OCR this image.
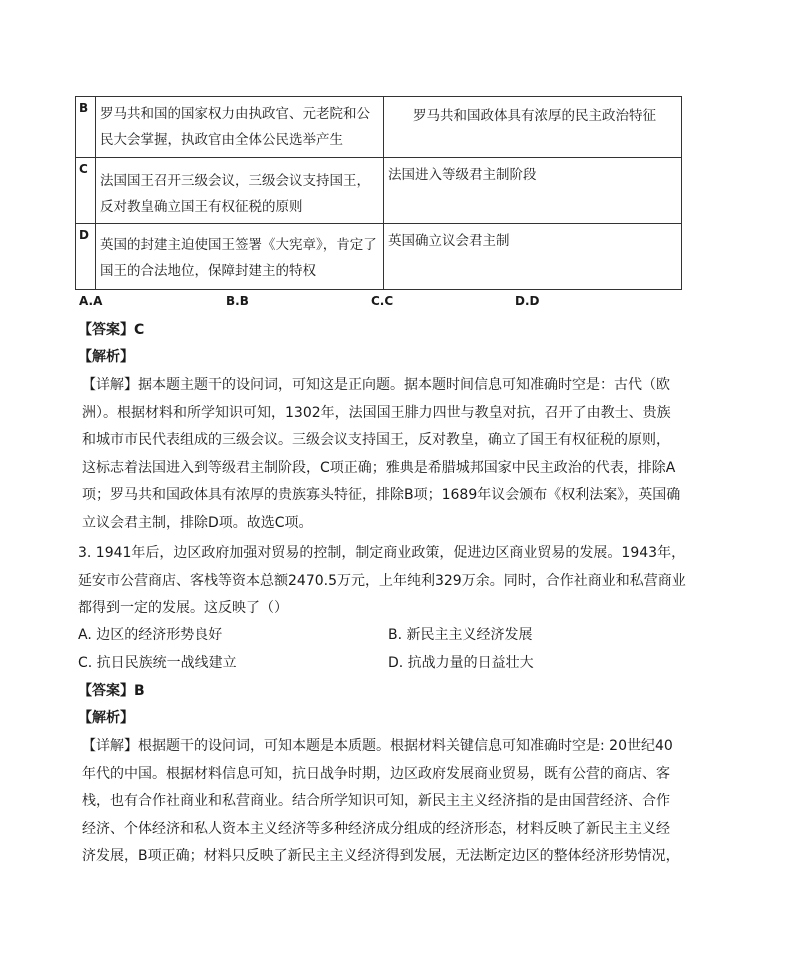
B	罗马共和国的国家权力由执政官、元老院和公民大会掌握，执政官由全体公民选举产生	罗马共和国政体具有浓厚的民主政治特征

C	法国国王召开三级会议，三级会议支持国王，反对教皇确立国王有权征税的原则	法国进入等级君主制阶段

D	英国的封建主迫使国王签署《大宪章》，肯定了国王的合法地位，保障封建主的特权	英国确立议会君主制
A.A	B.B	C.C	D.D
【答案】C
【解析】
【详解】据本题主题干的设问词，可知这是正向题。据本题时间信息可知准确时空是：古代（欧洲）。根据材料和所学知识可知，1302年，法国国王腓力四世与教皇对抗，召开了由教士、贵族和城市市民代表组成的三级会议。三级会议支持国王，反对教皇，确立了国王有权征税的原则，这标志着法国进入到等级君主制阶段，C项正确；雅典是希腊城邦国家中民主政治的代表，排除A项；罗马共和国政体具有浓厚的贵族寡头特征，排除B项；1689年议会颁布《权利法案》，英国确立议会君主制，排除D项。故选C项。
3. 1941年后，边区政府加强对贸易的控制，制定商业政策，促进边区商业贸易的发展。1943年，延安市公营商店、客栈等资本总额2470.5万元，上年纯利329万余。同时，合作社商业和私营商业都得到一定的发展。这反映了（）
A. 边区的经济形势良好	B. 新民主主义经济发展
C. 抗日民族统一战线建立	D. 抗战力量的日益壮大
【答案】B
【解析】
【详解】根据题干的设问词，可知本题是本质题。根据材料关键信息可知准确时空是: 20世纪40年代的中国。根据材料信息可知，抗日战争时期，边区政府发展商业贸易，既有公营的商店、客栈，也有合作社商业和私营商业。结合所学知识可知，新民主主义经济指的是由国营经济、合作经济、个体经济和私人资本主义经济等多种经济成分组成的经济形态，材料反映了新民主主义经济发展，B项正确；材料只反映了新民主主义经济得到发展，无法断定边区的整体经济形势情况，
